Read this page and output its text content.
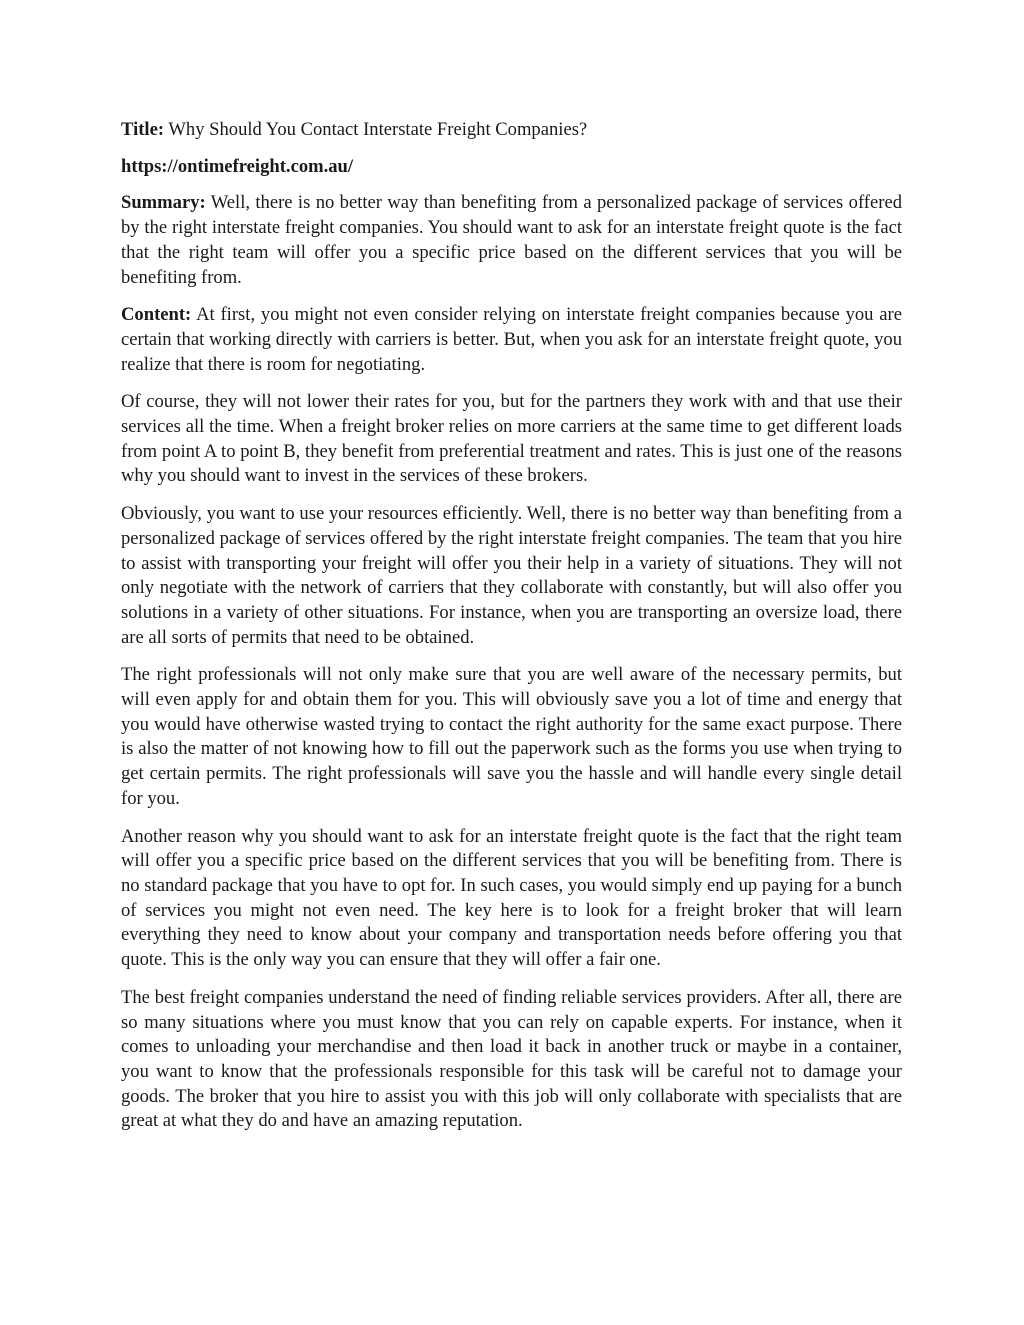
Title: Why Should You Contact Interstate Freight Companies?

https://ontimefreight.com.au/

Summary: Well, there is no better way than benefiting from a personalized package of services offered by the right interstate freight companies. You should want to ask for an interstate freight quote is the fact that the right team will offer you a specific price based on the different services that you will be benefiting from.

Content: At first, you might not even consider relying on interstate freight companies because you are certain that working directly with carriers is better. But, when you ask for an interstate freight quote, you realize that there is room for negotiating.

Of course, they will not lower their rates for you, but for the partners they work with and that use their services all the time. When a freight broker relies on more carriers at the same time to get different loads from point A to point B, they benefit from preferential treatment and rates. This is just one of the reasons why you should want to invest in the services of these brokers.

Obviously, you want to use your resources efficiently. Well, there is no better way than benefiting from a personalized package of services offered by the right interstate freight companies. The team that you hire to assist with transporting your freight will offer you their help in a variety of situations. They will not only negotiate with the network of carriers that they collaborate with constantly, but will also offer you solutions in a variety of other situations. For instance, when you are transporting an oversize load, there are all sorts of permits that need to be obtained.

The right professionals will not only make sure that you are well aware of the necessary permits, but will even apply for and obtain them for you. This will obviously save you a lot of time and energy that you would have otherwise wasted trying to contact the right authority for the same exact purpose. There is also the matter of not knowing how to fill out the paperwork such as the forms you use when trying to get certain permits. The right professionals will save you the hassle and will handle every single detail for you.

Another reason why you should want to ask for an interstate freight quote is the fact that the right team will offer you a specific price based on the different services that you will be benefiting from. There is no standard package that you have to opt for. In such cases, you would simply end up paying for a bunch of services you might not even need. The key here is to look for a freight broker that will learn everything they need to know about your company and transportation needs before offering you that quote. This is the only way you can ensure that they will offer a fair one.

The best freight companies understand the need of finding reliable services providers. After all, there are so many situations where you must know that you can rely on capable experts. For instance, when it comes to unloading your merchandise and then load it back in another truck or maybe in a container, you want to know that the professionals responsible for this task will be careful not to damage your goods. The broker that you hire to assist you with this job will only collaborate with specialists that are great at what they do and have an amazing reputation.
